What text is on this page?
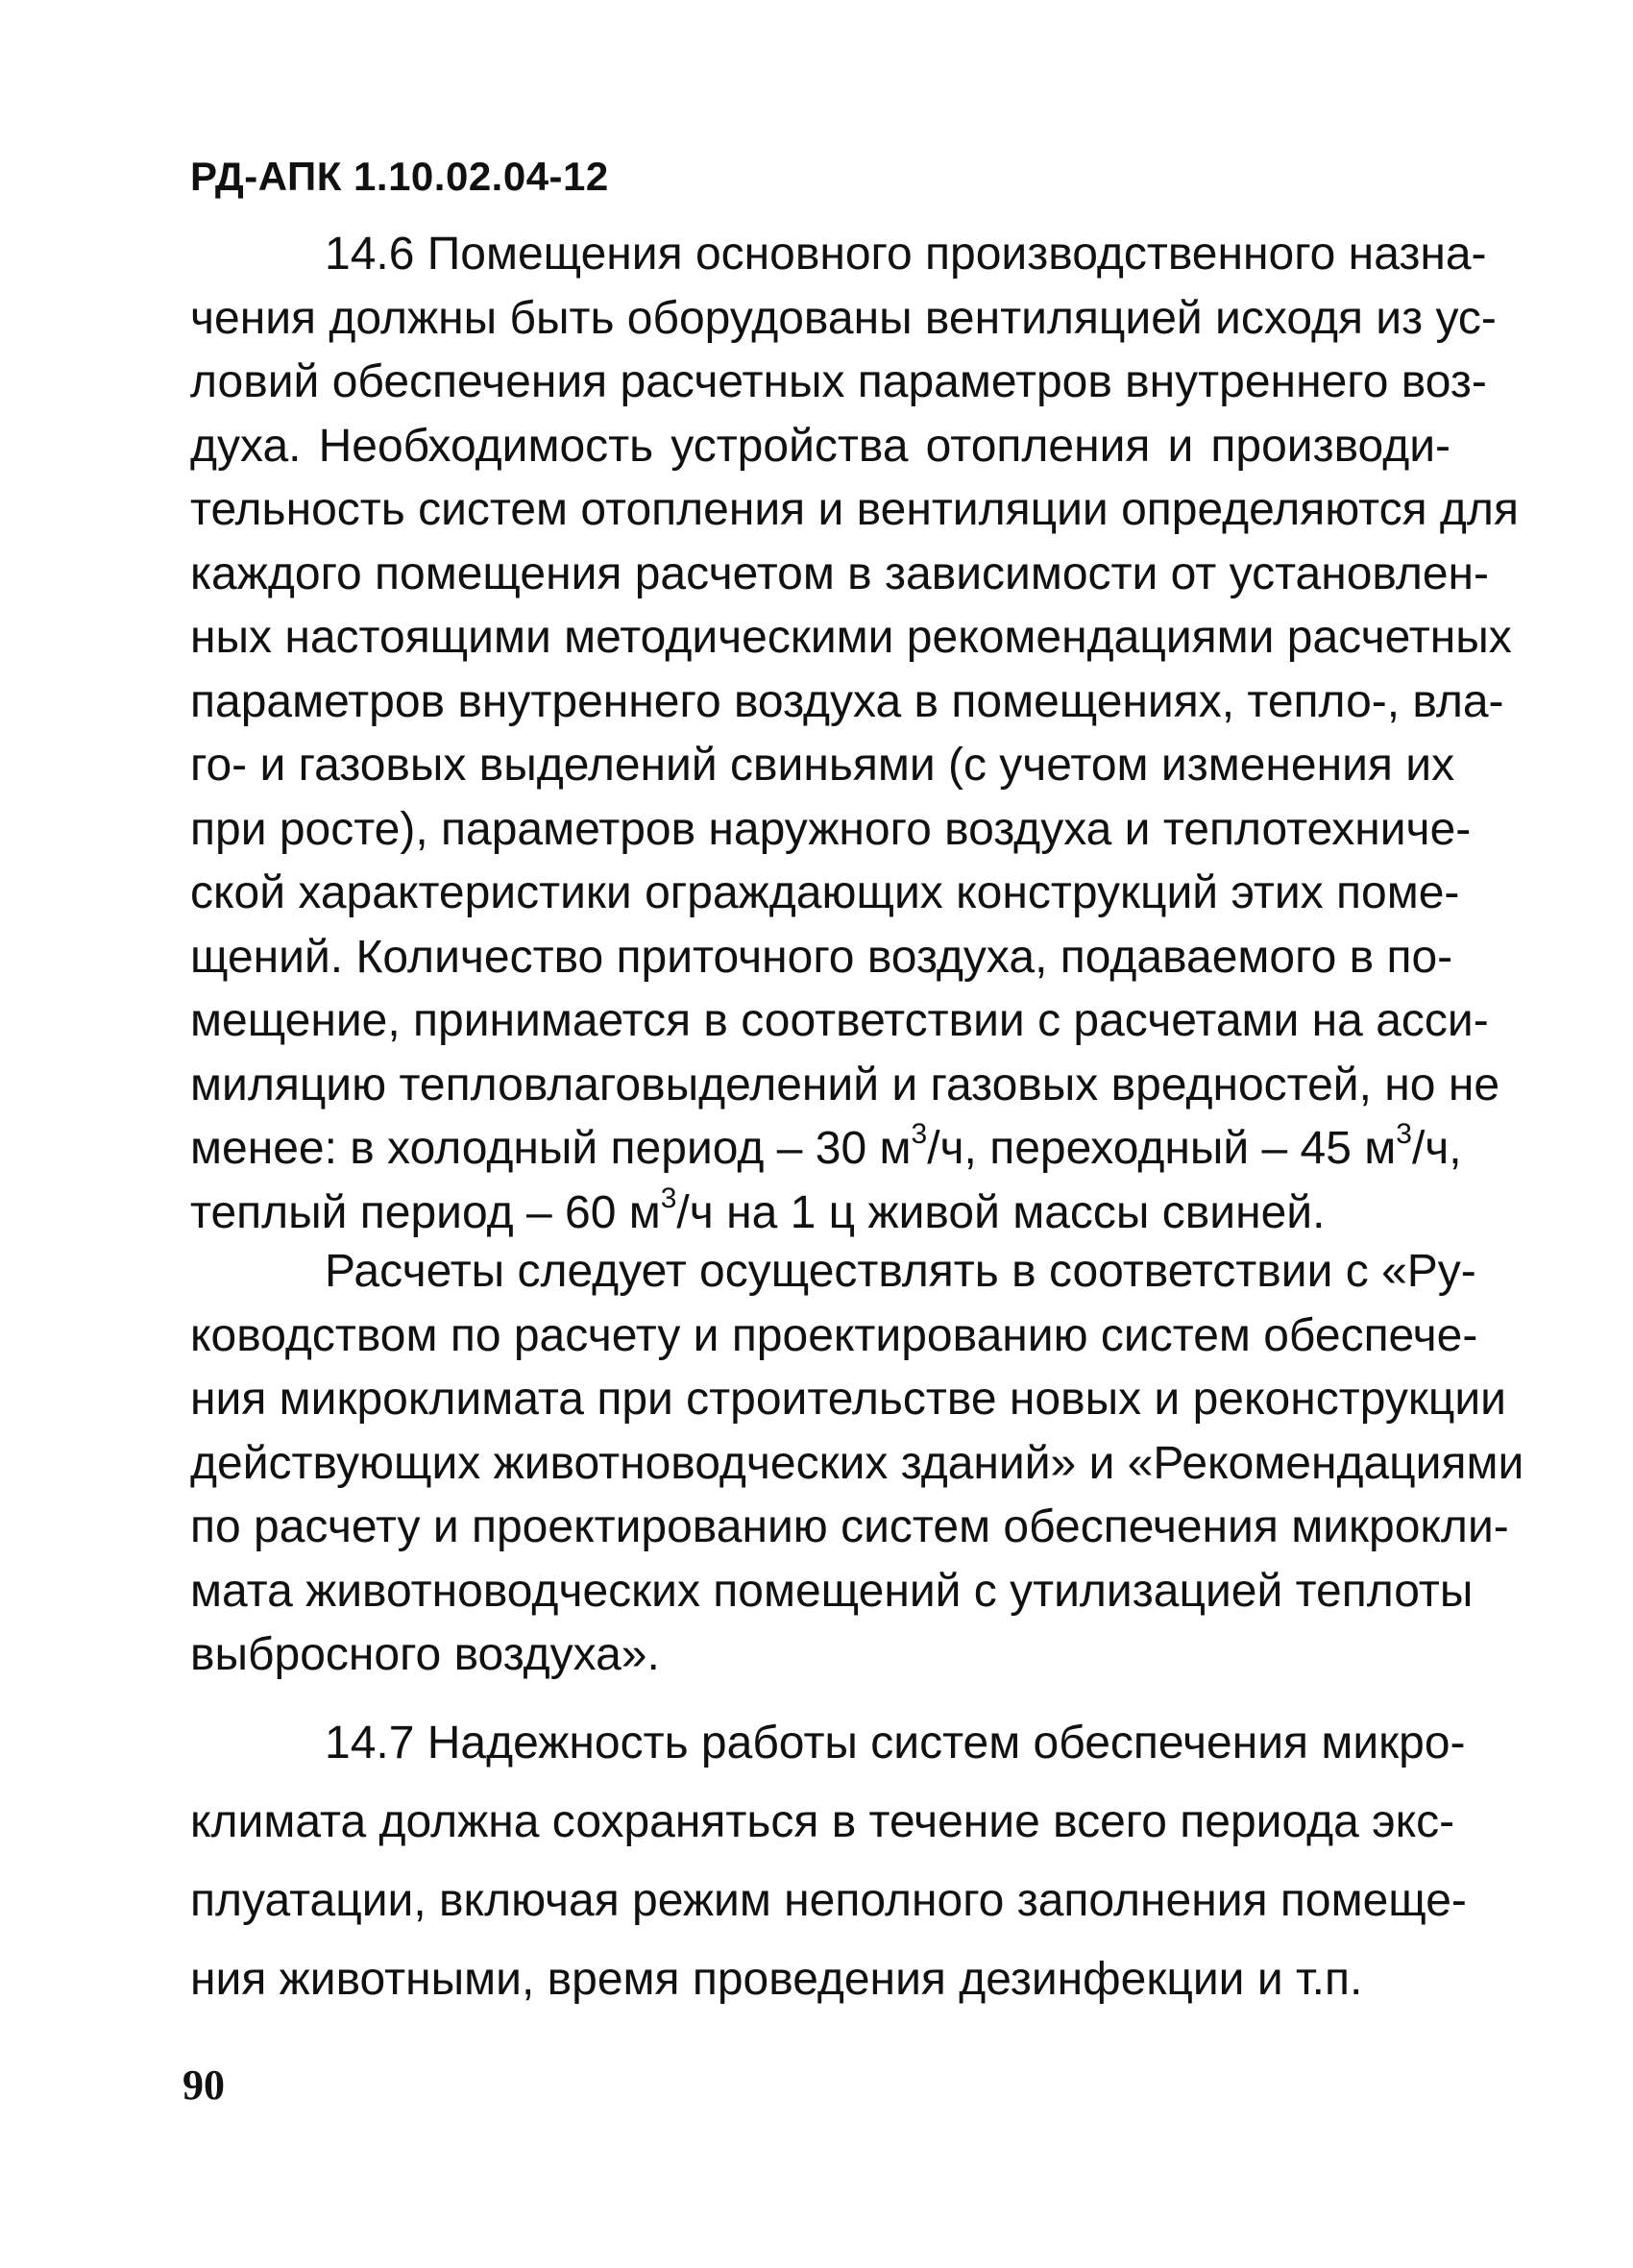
РД-АПК 1.10.02.04-12
14.6 Помещения основного производственного назна-
чения должны быть оборудованы вентиляцией исходя из ус-
ловий обеспечения расчетных параметров внутреннего воз-
духа. Необходимость устройства отопления и производи-
тельность систем отопления и вентиляции определяются для
каждого помещения расчетом в зависимости от установлен-
ных настоящими методическими рекомендациями расчетных
параметров внутреннего воздуха в помещениях, тепло-, вла-
го- и газовых выделений свиньями (с учетом изменения их
при росте), параметров наружного воздуха и теплотехниче-
ской характеристики ограждающих конструкций этих поме-
щений. Количество приточного воздуха, подаваемого в по-
мещение, принимается в соответствии с расчетами на асси-
миляцию тепловлаговыделений и газовых вредностей, но не
менее: в холодный период – 30 $м^3/ч$, переходный – 45 $м^3/ч$,
теплый период – 60 $м^3/ч$ на 1 ц живой массы свиней.
Расчеты следует осуществлять в соответствии с «Ру-
ководством по расчету и проектированию систем обеспече-
ния микроклимата при строительстве новых и реконструкции
действующих животноводческих зданий» и «Рекомендациями
по расчету и проектированию систем обеспечения микрокли-
мата животноводческих помещений с утилизацией теплоты
выбросного воздуха».
14.7 Надежность работы систем обеспечения микро-
климата должна сохраняться в течение всего периода экс-
плуатации, включая режим неполного заполнения помеще-
ния животными, время проведения дезинфекции и т.п.
90
